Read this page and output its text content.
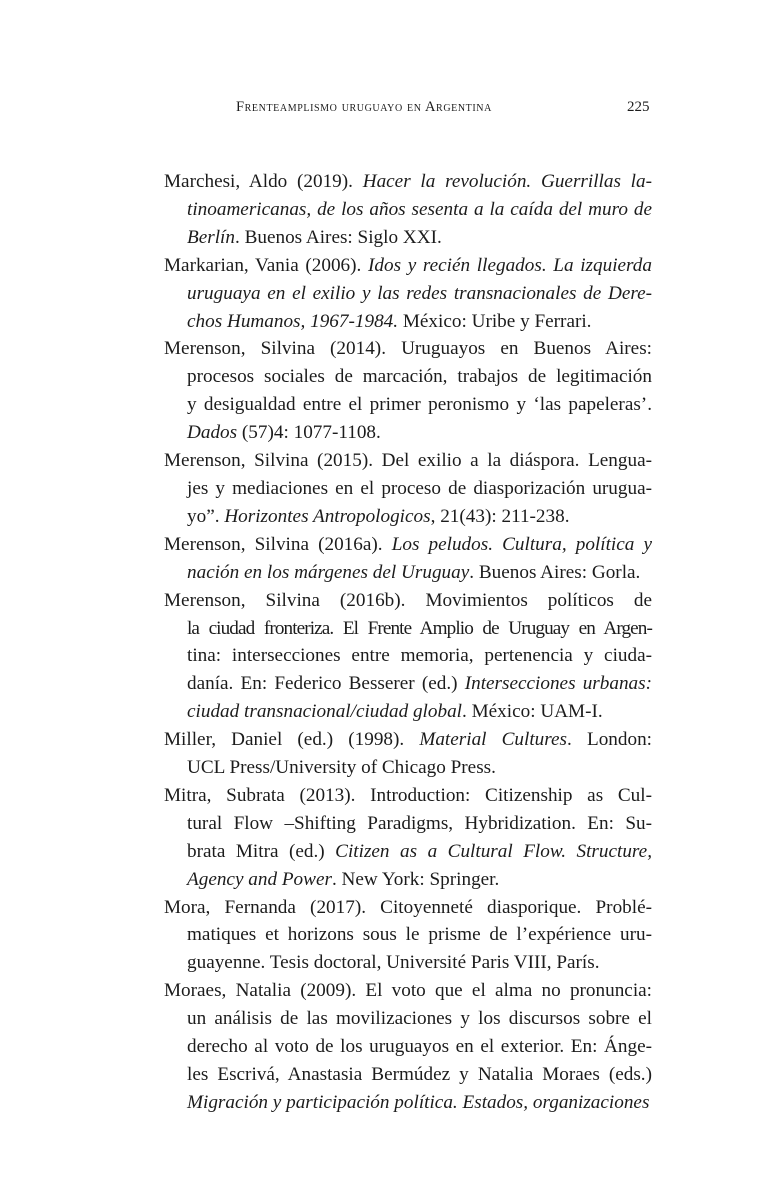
Frenteamplismo uruguayo en Argentina	225
Marchesi, Aldo (2019). Hacer la revolución. Guerrillas la-
tinoamericanas, de los años sesenta a la caída del muro de
Berlín. Buenos Aires: Siglo XXI.
Markarian, Vania (2006). Idos y recién llegados. La izquierda
uruguaya en el exilio y las redes transnacionales de Dere-
chos Humanos, 1967-1984. México: Uribe y Ferrari.
Merenson, Silvina (2014). Uruguayos en Buenos Aires:
procesos sociales de marcación, trabajos de legitimación
y desigualdad entre el primer peronismo y ‘las papeleras’.
Dados (57)4: 1077-1108.
Merenson, Silvina (2015). Del exilio a la diáspora. Lengua-
jes y mediaciones en el proceso de diasporización urugua-
yo”. Horizontes Antropologicos, 21(43): 211-238.
Merenson, Silvina (2016a). Los peludos. Cultura, política y
nación en los márgenes del Uruguay. Buenos Aires: Gorla.
Merenson, Silvina (2016b). Movimientos políticos de
la ciudad fronteriza. El Frente Amplio de Uruguay en Argen-
tina: intersecciones entre memoria, pertenencia y ciuda-
danía. En: Federico Besserer (ed.) Intersecciones urbanas:
ciudad transnacional/ciudad global. México: UAM-I.
Miller, Daniel (ed.) (1998). Material Cultures. London:
UCL Press/University of Chicago Press.
Mitra, Subrata (2013). Introduction: Citizenship as Cul-
tural Flow –Shifting Paradigms, Hybridization. En: Su-
brata Mitra (ed.) Citizen as a Cultural Flow. Structure,
Agency and Power. New York: Springer.
Mora, Fernanda (2017). Citoyenneté diasporique. Problé-
matiques et horizons sous le prisme de l’expérience uru-
guayenne. Tesis doctoral, Université Paris VIII, París.
Moraes, Natalia (2009). El voto que el alma no pronuncia:
un análisis de las movilizaciones y los discursos sobre el
derecho al voto de los uruguayos en el exterior. En: Ánge-
les Escrivá, Anastasia Bermúdez y Natalia Moraes (eds.)
Migración y participación política. Estados, organizaciones
